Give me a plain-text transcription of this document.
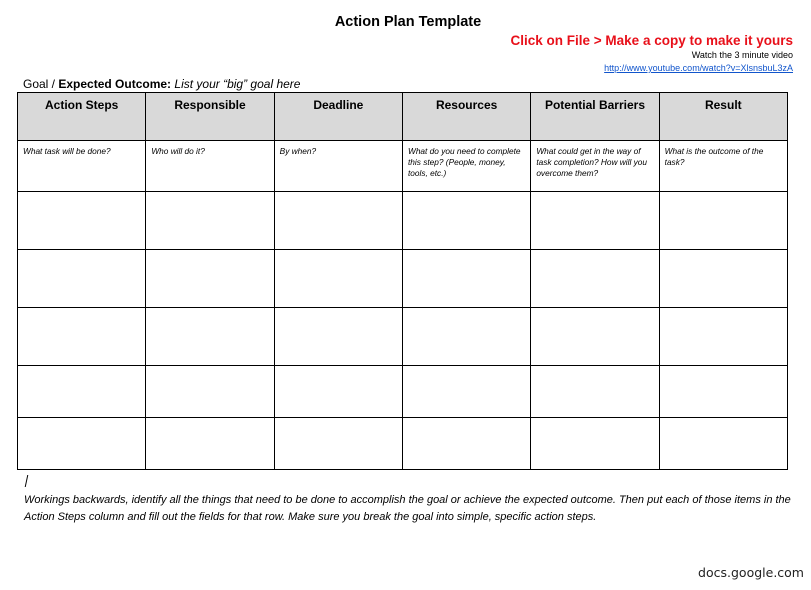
Action Plan Template
Click on File > Make a copy to make it yours
Watch the 3 minute video
http://www.youtube.com/watch?v=XlsnsbuL3zA
Goal / Expected Outcome: List your “big” goal here
Action Steps	Responsible	Deadline	Resources	Potential Barriers	Result
What task will be done?	Who will do it?	By when?	What do you need to complete this step? (People, money, tools, etc.)	What could get in the way of task completion? How will you overcome them?	What is the outcome of the task?

Workings backwards, identify all the things that need to be done to accomplish the goal or achieve the expected outcome. Then put each of those items in the Action Steps column and fill out the fields for that row. Make sure you break the goal into simple, specific action steps.
docs.google.com
